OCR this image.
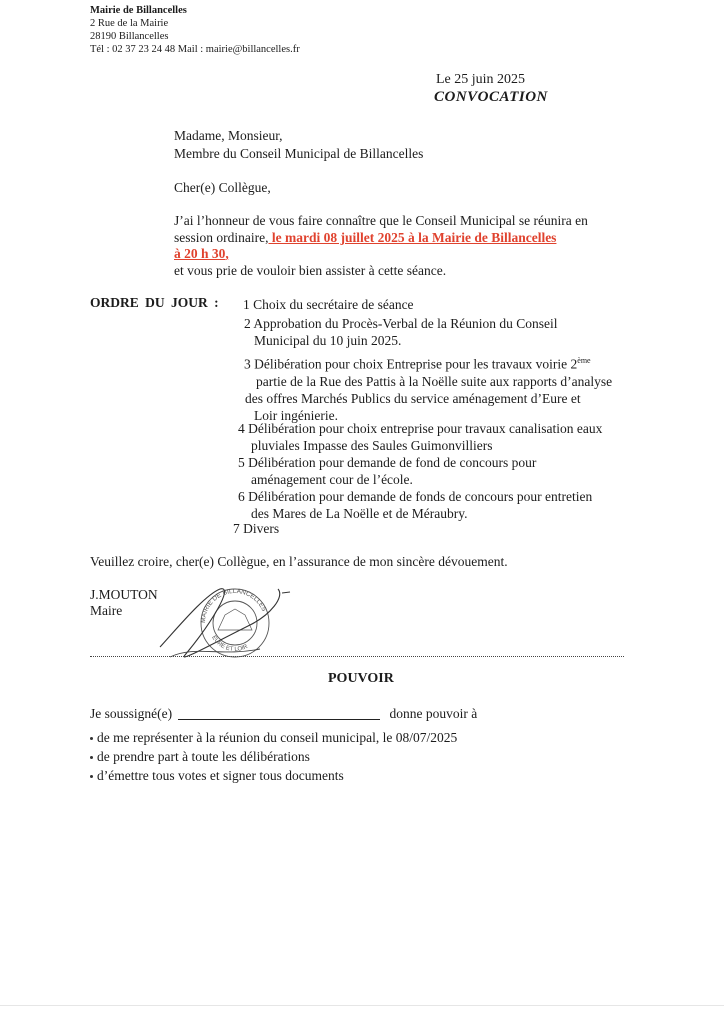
Mairie de Billancelles
2 Rue de la Mairie
28190 Billancelles
Tél : 02 37 23 24 48 Mail : mairie@billancelles.fr
Le 25 juin 2025
CONVOCATION
Madame, Monsieur,
Membre du Conseil Municipal de Billancelles
Cher(e) Collègue,
J’ai l’honneur de vous faire connaître que le Conseil Municipal se réunira en
session ordinaire, le mardi 08 juillet 2025 à la Mairie de Billancelles
à 20 h 30,
et vous prie de vouloir bien assister à cette séance.
ORDRE DU JOUR : 1 Choix du secrétaire de séance
2 Approbation du Procès-Verbal de la Réunion du Conseil
Municipal du 10 juin 2025.
3 Délibération pour choix Entreprise pour les travaux voirie 2ème
partie de la Rue des Pattis à la Noëlle suite aux rapports d’analyse
des offres Marchés Publics du service aménagement d’Eure et
Loir ingénierie.
4 Délibération pour choix entreprise pour travaux canalisation eaux
pluviales Impasse des Saules Guimonvilliers
5 Délibération pour demande de fond de concours pour
aménagement cour de l’école.
6 Délibération pour demande de fonds de concours pour entretien
des Mares de La Noëlle et de Méraubry.
7 Divers
Veuillez croire, cher(e) Collègue, en l’assurance de mon sincère dévouement.
J.MOUTON
Maire
MAIRIE DE BILLANCELLES
EURE ET LOIR
POUVOIR
Je soussigné(e)	donne pouvoir à
de me représenter à la réunion du conseil municipal, le 08/07/2025
de prendre part à toute les délibérations
d’émettre tous votes et signer tous documents
